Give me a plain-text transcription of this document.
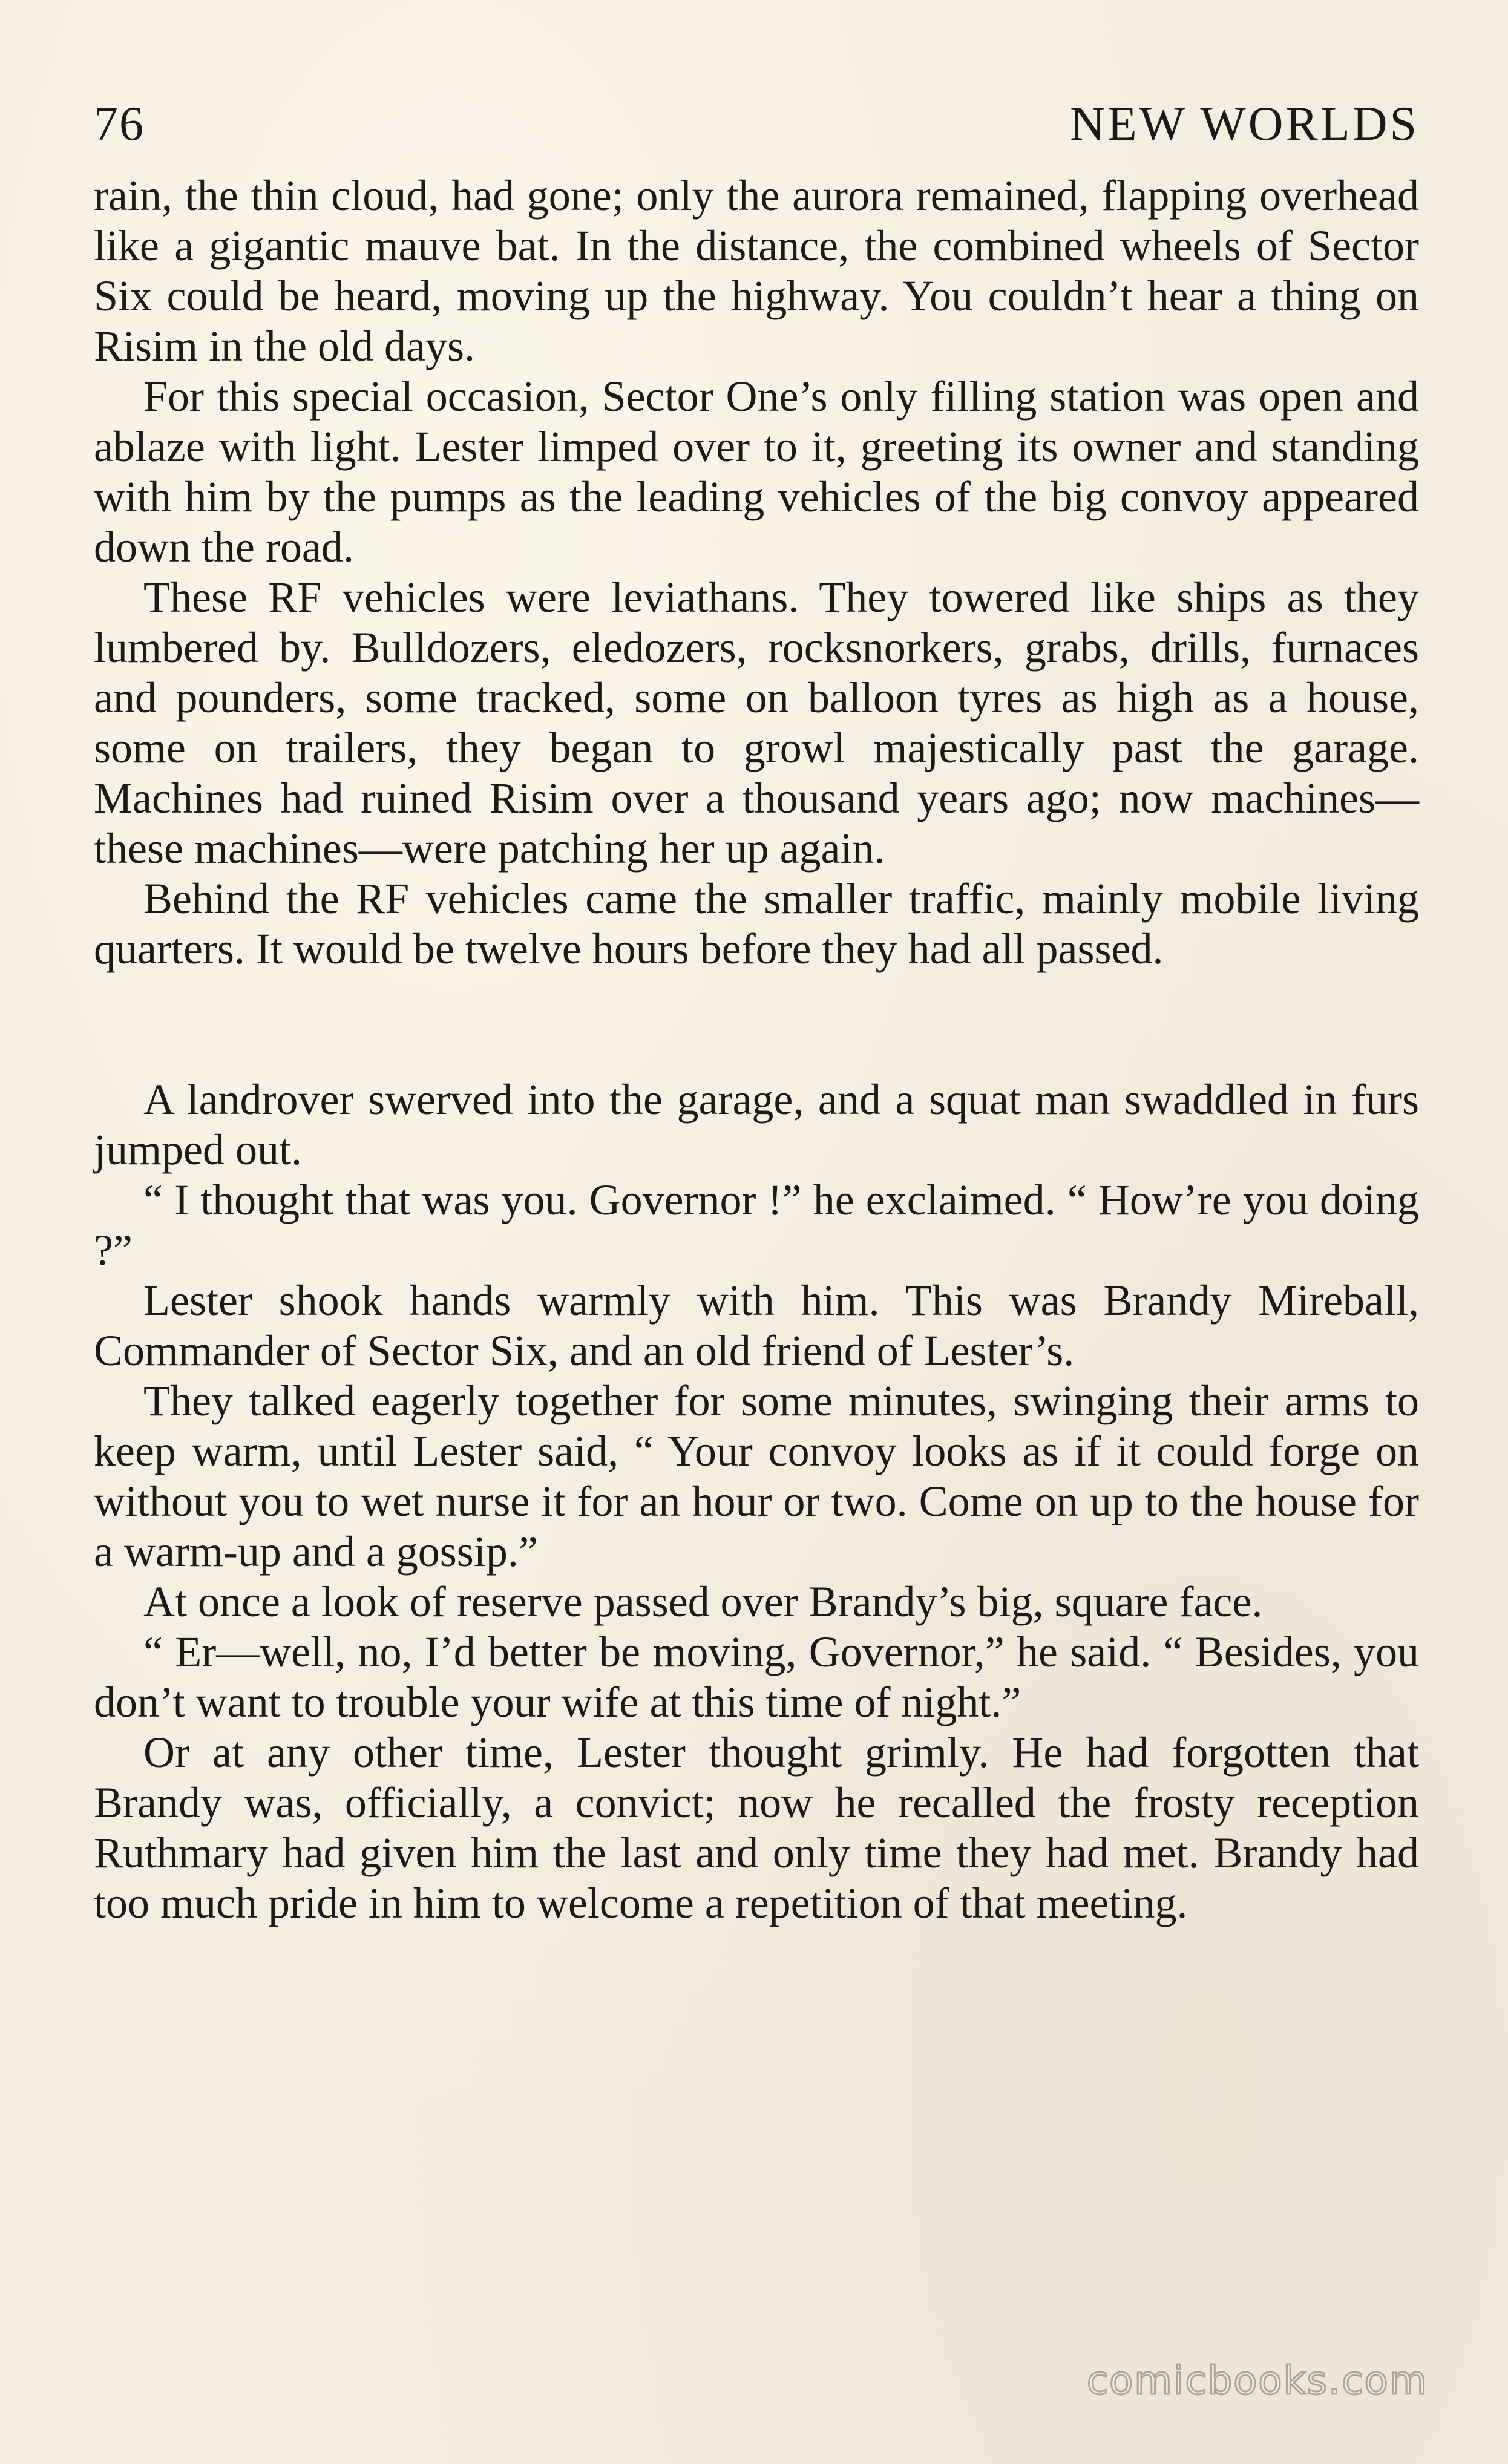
76	NEW WORLDS

rain, the thin cloud, had gone; only the aurora remained, flapping overhead like a gigantic mauve bat. In the distance, the combined wheels of Sector Six could be heard, moving up the highway. You couldn’t hear a thing on Risim in the old days.

For this special occasion, Sector One’s only filling station was open and ablaze with light. Lester limped over to it, greeting its owner and standing with him by the pumps as the leading vehicles of the big convoy appeared down the road.

These RF vehicles were leviathans. They towered like ships as they lumbered by. Bulldozers, eledozers, rocksnorkers, grabs, drills, furnaces and pounders, some tracked, some on balloon tyres as high as a house, some on trailers, they began to growl majestically past the garage. Machines had ruined Risim over a thousand years ago; now machines—these machines—were patching her up again.

Behind the RF vehicles came the smaller traffic, mainly mobile living quarters. It would be twelve hours before they had all passed.

A landrover swerved into the garage, and a squat man swaddled in furs jumped out.

“ I thought that was you. Governor !” he exclaimed. “ How’re you doing ?”

Lester shook hands warmly with him. This was Brandy Mireball, Commander of Sector Six, and an old friend of Lester’s.

They talked eagerly together for some minutes, swinging their arms to keep warm, until Lester said, “ Your convoy looks as if it could forge on without you to wet nurse it for an hour or two. Come on up to the house for a warm-up and a gossip.”

At once a look of reserve passed over Brandy’s big, square face.

“ Er—well, no, I’d better be moving, Governor,” he said. “ Besides, you don’t want to trouble your wife at this time of night.”

Or at any other time, Lester thought grimly. He had forgotten that Brandy was, officially, a convict; now he recalled the frosty reception Ruthmary had given him the last and only time they had met. Brandy had too much pride in him to welcome a repetition of that meeting.

comicbooks.com
